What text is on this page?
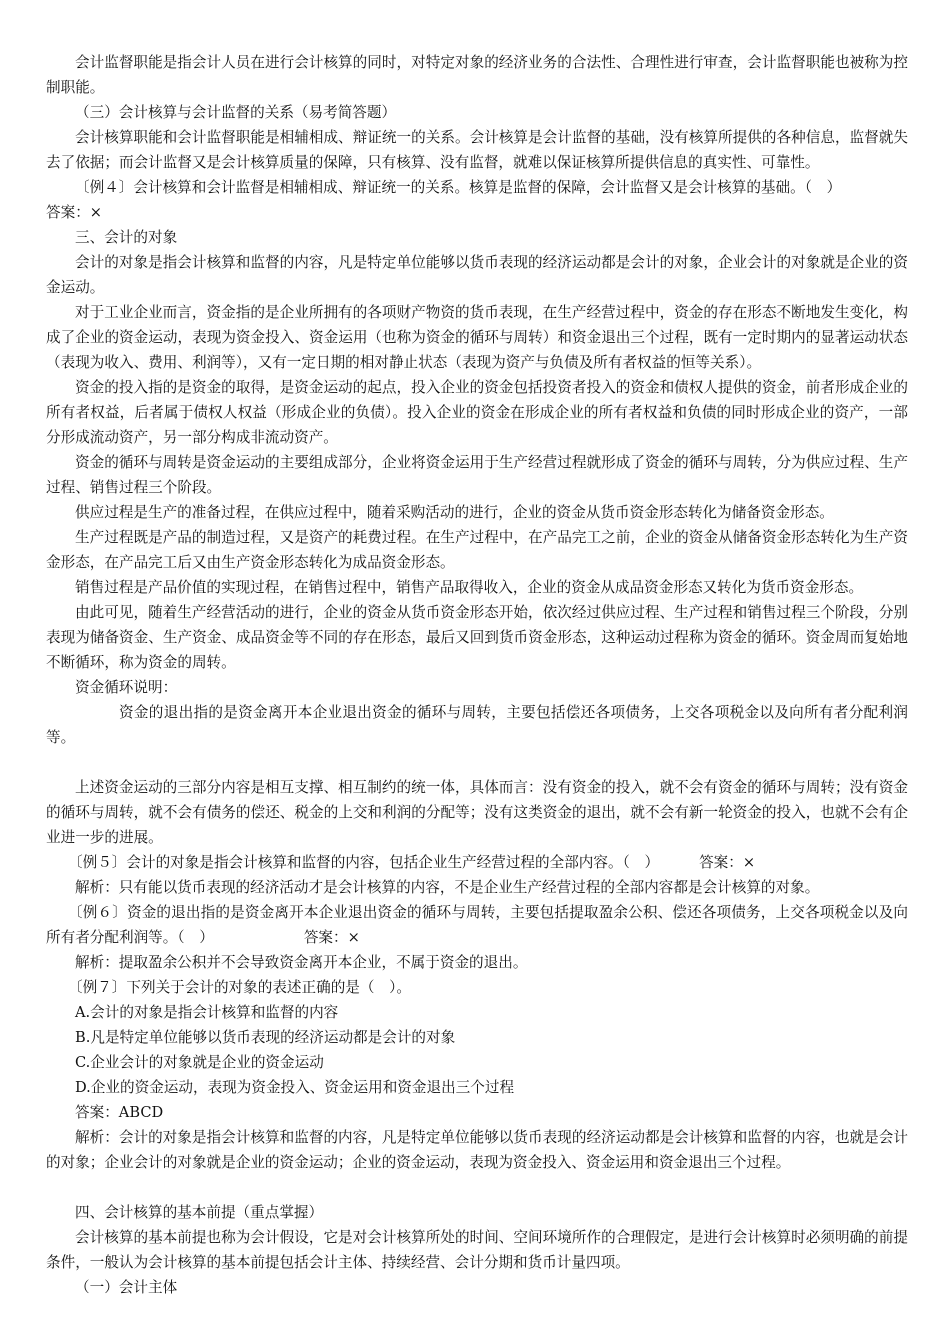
会计监督职能是指会计人员在进行会计核算的同时，对特定对象的经济业务的合法性、合理性进行审查，会计监督职能也被称为控制职能。

（三）会计核算与会计监督的关系（易考简答题）

会计核算职能和会计监督职能是相辅相成、辩证统一的关系。会计核算是会计监督的基础，没有核算所提供的各种信息，监督就失去了依据；而会计监督又是会计核算质量的保障，只有核算、没有监督，就难以保证核算所提供信息的真实性、可靠性。

〔例４〕会计核算和会计监督是相辅相成、辩证统一的关系。核算是监督的保障，会计监督又是会计核算的基础。（　）

答案：×

三、会计的对象

会计的对象是指会计核算和监督的内容，凡是特定单位能够以货币表现的经济运动都是会计的对象，企业会计的对象就是企业的资金运动。

对于工业企业而言，资金指的是企业所拥有的各项财产物资的货币表现，在生产经营过程中，资金的存在形态不断地发生变化，构成了企业的资金运动，表现为资金投入、资金运用（也称为资金的循环与周转）和资金退出三个过程，既有一定时期内的显著运动状态（表现为收入、费用、利润等），又有一定日期的相对静止状态（表现为资产与负债及所有者权益的恒等关系）。

资金的投入指的是资金的取得，是资金运动的起点，投入企业的资金包括投资者投入的资金和债权人提供的资金，前者形成企业的所有者权益，后者属于债权人权益（形成企业的负债）。投入企业的资金在形成企业的所有者权益和负债的同时形成企业的资产，一部分形成流动资产，另一部分构成非流动资产。

资金的循环与周转是资金运动的主要组成部分，企业将资金运用于生产经营过程就形成了资金的循环与周转，分为供应过程、生产过程、销售过程三个阶段。

供应过程是生产的准备过程，在供应过程中，随着采购活动的进行，企业的资金从货币资金形态转化为储备资金形态。

生产过程既是产品的制造过程，又是资产的耗费过程。在生产过程中，在产品完工之前，企业的资金从储备资金形态转化为生产资金形态，在产品完工后又由生产资金形态转化为成品资金形态。

销售过程是产品价值的实现过程，在销售过程中，销售产品取得收入，企业的资金从成品资金形态又转化为货币资金形态。

由此可见，随着生产经营活动的进行，企业的资金从货币资金形态开始，依次经过供应过程、生产过程和销售过程三个阶段，分别表现为储备资金、生产资金、成品资金等不同的存在形态，最后又回到货币资金形态，这种运动过程称为资金的循环。资金周而复始地不断循环，称为资金的周转。

资金循环说明：

资金的退出指的是资金离开本企业退出资金的循环与周转，主要包括偿还各项债务，上交各项税金以及向所有者分配利润等。

上述资金运动的三部分内容是相互支撑、相互制约的统一体，具体而言：没有资金的投入，就不会有资金的循环与周转；没有资金的循环与周转，就不会有债务的偿还、税金的上交和利润的分配等；没有这类资金的退出，就不会有新一轮资金的投入，也就不会有企业进一步的进展。

〔例５〕会计的对象是指会计核算和监督的内容，包括企业生产经营过程的全部内容。（　）	答案：×

解析：只有能以货币表现的经济活动才是会计核算的内容，不是企业生产经营过程的全部内容都是会计核算的对象。

〔例６〕资金的退出指的是资金离开本企业退出资金的循环与周转，主要包括提取盈余公积、偿还各项债务，上交各项税金以及向所有者分配利润等。（　）	答案：×

解析：提取盈余公积并不会导致资金离开本企业，不属于资金的退出。

〔例７〕下列关于会计的对象的表述正确的是（　）。

A.会计的对象是指会计核算和监督的内容

B.凡是特定单位能够以货币表现的经济运动都是会计的对象

C.企业会计的对象就是企业的资金运动

D.企业的资金运动，表现为资金投入、资金运用和资金退出三个过程

答案：ABCD

解析：会计的对象是指会计核算和监督的内容，凡是特定单位能够以货币表现的经济运动都是会计核算和监督的内容，也就是会计的对象；企业会计的对象就是企业的资金运动；企业的资金运动，表现为资金投入、资金运用和资金退出三个过程。

四、会计核算的基本前提（重点掌握）

会计核算的基本前提也称为会计假设，它是对会计核算所处的时间、空间环境所作的合理假定，是进行会计核算时必须明确的前提条件，一般认为会计核算的基本前提包括会计主体、持续经营、会计分期和货币计量四项。

（一）会计主体
